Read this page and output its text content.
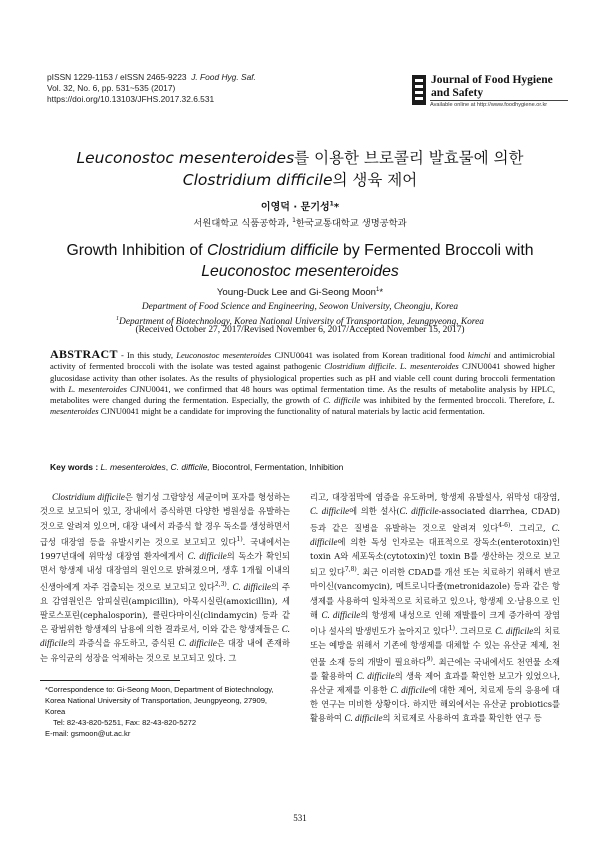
pISSN 1229-1153 / eISSN 2465-9223 J. Food Hyg. Saf.
Vol. 32, No. 6, pp. 531~535 (2017)
https://doi.org/10.13103/JFHS.2017.32.6.531
Journal of Food Hygiene
and Safety
Available online at http://www.foodhygiene.or.kr
Leuconostoc mesenteroides를 이용한 브로콜리 발효물에 의한
Clostridium difficile의 생육 제어
이영덕 · 문기성$^1$*
서원대학교 식품공학과, $^1$한국교통대학교 생명공학과
Growth Inhibition of Clostridium difficile by Fermented Broccoli with
Leuconostoc mesenteroides
Young-Duck Lee and Gi-Seong Moon$^1$*
Department of Food Science and Engineering, Seowon University, Cheongju, Korea
$^1$Department of Biotechnology, Korea National University of Transportation, Jeungpyeong, Korea
(Received October 27, 2017/Revised November 6, 2017/Accepted November 15, 2017)
ABSTRACT - In this study, Leuconostoc mesenteroides CJNU0041 was isolated from Korean traditional food kimchi and antimicrobial activity of fermented broccoli with the isolate was tested against pathogenic Clostridium difficile. L. mesenteroides CJNU0041 showed higher glucosidase activity than other isolates. As the results of physiological properties such as pH and viable cell count during broccoli fermentation with L. mesenteroides CJNU0041, we confirmed that 48 hours was optimal fermentation time. As the results of metabolite analysis by HPLC, metabolites were changed during the fermentation. Especially, the growth of C. difficile was inhibited by the fermented broccoli. Therefore, L. mesenteroides CJNU0041 might be a candidate for improving the functionality of natural materials by lactic acid fermentation.
Key words : L. mesenteroides, C. difficile, Biocontrol, Fermentation, Inhibition
Clostridium difficile은 혐기성 그람양성 세균이며 포자를 형성하는 것으로 보고되어 있고, 장내에서 증식하면 다양한 병원성을 유발하는 것으로 알려져 있으며, 대장 내에서 과증식 할 경우 독소를 생성하면서 급성 대장염 등을 유발시키는 것으로 보고되고 있다$^{1)}$. 국내에서는 1997년대에 위막성 대장염 환자에게서 C. difficile의 독소가 확인되면서 항생제 내성 대장염의 원인으로 밝혀졌으며, 생후 1개월 이내의 신생아에게 자주 검출되는 것으로 보고되고 있다$^{2,3)}$. C. difficile의 주요 감염원인은 암피실린(ampicillin), 아목시실린(amoxicillin), 세팔로스포린(cephalosporin), 클린다마이신(clindamycin) 등과 같은 광범위한 항생제의 남용에 의한 결과로서, 이와 같은 항생제들은 C. difficile의 과증식을 유도하고, 증식된 C. difficile은 대장 내에 존재하는 유익균의 성장을 억제하는 것으로 보고되고 있다. 그
리고, 대장점막에 염증을 유도하며, 항생제 유발설사, 위막성 대장염, C. difficile에 의한 설사(C. difficile-associated diarrhea, CDAD) 등과 같은 질병을 유발하는 것으로 알려져 있다$^{4-6)}$. 그리고, C. difficile에 의한 독성 인자로는 대표적으로 장독소(enterotoxin)인 toxin A와 세포독소(cytotoxin)인 toxin B를 생산하는 것으로 보고되고 있다$^{7,8)}$. 최근 이러한 CDAD를 개선 또는 치료하기 위해서 반코마이신(vancomycin), 메트로니다졸(metronidazole) 등과 같은 항생제를 사용하여 일차적으로 치료하고 있으나, 항생제 오·남용으로 인해 C. difficile의 항생제 내성으로 인해 재발률이 크게 증가하여 장염이나 설사의 발생빈도가 높아지고 있다$^{1)}$. 그러므로 C. difficile의 치료 또는 예방을 위해서 기존에 항생제를 대체할 수 있는 유산균 제제, 천연물 소재 등의 개발이 필요하다$^{9)}$. 최근에는 국내에서도 천연물 소재를 활용하여 C. difficile의 생육 제어 효과를 확인한 보고가 있었으나, 유산균 제제를 이용한 C. difficile에 대한 제어, 치료제 등의 응용에 대한 연구는 미비한 상황이다. 하지만 해외에서는 유산균 probiotics를 활용하여 C. difficile의 치료제로 사용하여 효과를 확인한 연구 등
*Correspondence to: Gi-Seong Moon, Department of Biotechnology, Korea National University of Transportation, Jeungpyeong, 27909, Korea
Tel: 82-43-820-5251, Fax: 82-43-820-5272
E-mail: gsmoon@ut.ac.kr
531
